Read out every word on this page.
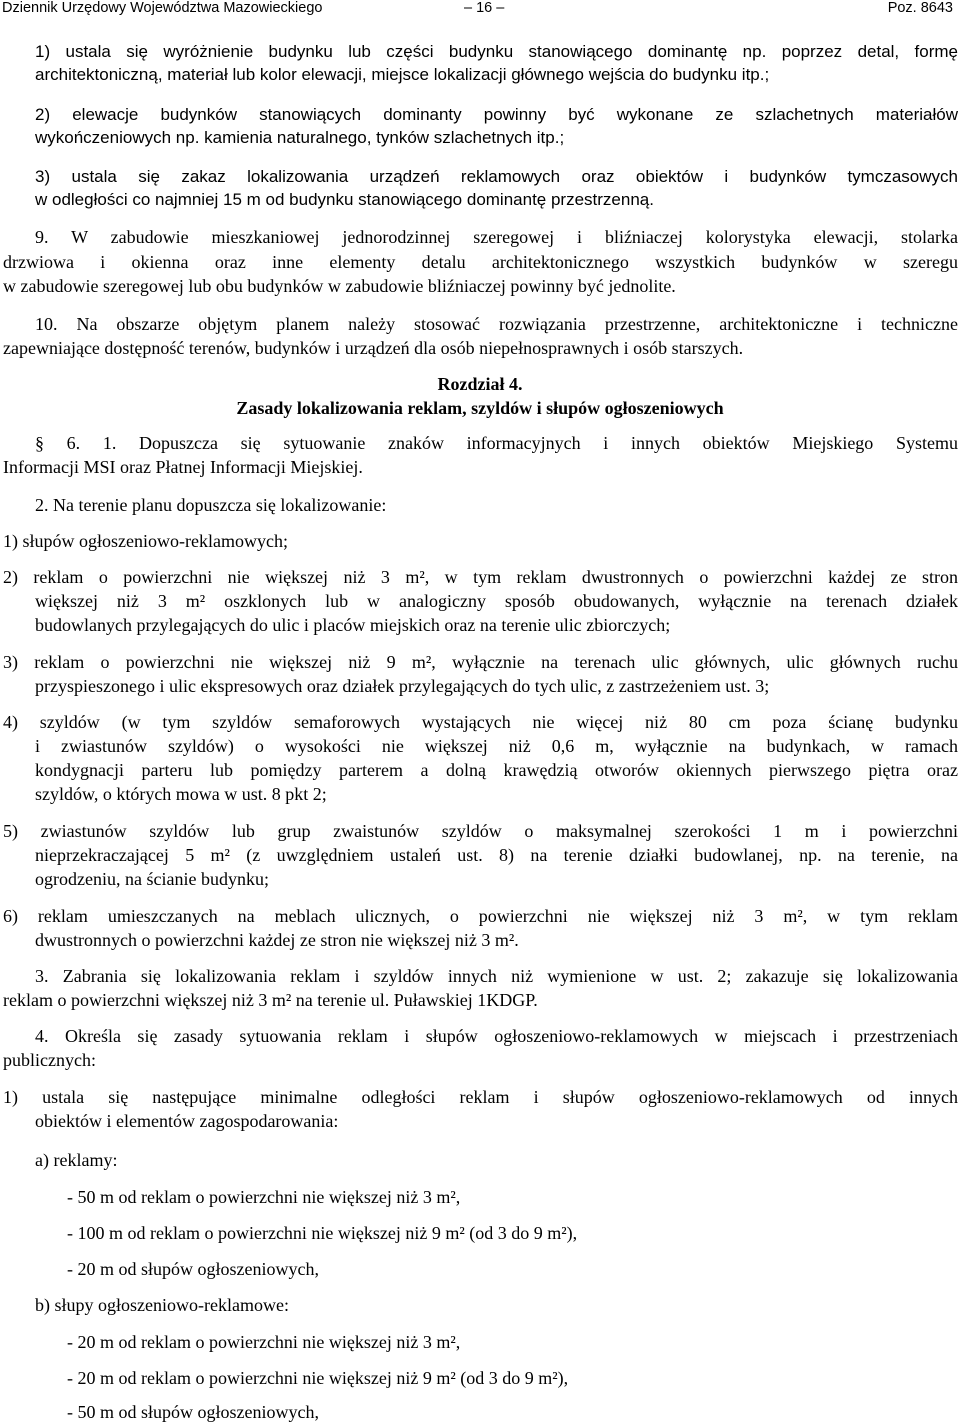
Dziennik Urzędowy Województwa Mazowieckiego	– 16 –	Poz. 8643
1) ustala się wyróżnienie budynku lub części budynku stanowiącego dominantę np. poprzez detal, formę
architektoniczną, materiał lub kolor elewacji, miejsce lokalizacji głównego wejścia do budynku itp.;
2) elewacje budynków stanowiących dominanty powinny być wykonane ze szlachetnych materiałów
wykończeniowych np. kamienia naturalnego, tynków szlachetnych itp.;
3) ustala się zakaz lokalizowania urządzeń reklamowych oraz obiektów i budynków tymczasowych
w odległości co najmniej 15 m od budynku stanowiącego dominantę przestrzenną.
9. W zabudowie mieszkaniowej jednorodzinnej szeregowej i bliźniaczej kolorystyka elewacji, stolarka
drzwiowa i okienna oraz inne elementy detalu architektonicznego wszystkich budynków w szeregu
w zabudowie szeregowej lub obu budynków w zabudowie bliźniaczej powinny być jednolite.
10. Na obszarze objętym planem należy stosować rozwiązania przestrzenne, architektoniczne i techniczne
zapewniające dostępność terenów, budynków i urządzeń dla osób niepełnosprawnych i osób starszych.
Rozdział 4.
Zasady lokalizowania reklam, szyldów i słupów ogłoszeniowych
§ 6. 1. Dopuszcza się sytuowanie znaków informacyjnych i innych obiektów Miejskiego Systemu
Informacji MSI oraz Płatnej Informacji Miejskiej.
2. Na terenie planu dopuszcza się lokalizowanie:
1) słupów ogłoszeniowo-reklamowych;
2) reklam o powierzchni nie większej niż 3 m², w tym reklam dwustronnych o powierzchni każdej ze stron
większej niż 3 m² oszklonych lub w analogiczny sposób obudowanych, wyłącznie na terenach działek
budowlanych przylegających do ulic i placów miejskich oraz na terenie ulic zbiorczych;
3) reklam o powierzchni nie większej niż 9 m², wyłącznie na terenach ulic głównych, ulic głównych ruchu
przyspieszonego i ulic ekspresowych oraz działek przylegających do tych ulic, z zastrzeżeniem ust. 3;
4) szyldów (w tym szyldów semaforowych wystających nie więcej niż 80 cm poza ścianę budynku
i zwiastunów szyldów) o wysokości nie większej niż 0,6 m, wyłącznie na budynkach, w ramach
kondygnacji parteru lub pomiędzy parterem a dolną krawędzią otworów okiennych pierwszego piętra oraz
szyldów, o których mowa w ust. 8 pkt 2;
5) zwiastunów szyldów lub grup zwaistunów szyldów o maksymalnej szerokości 1 m i powierzchni
nieprzekraczającej 5 m² (z uwzględniem ustaleń ust. 8) na terenie działki budowlanej, np. na terenie, na
ogrodzeniu, na ścianie budynku;
6) reklam umieszczanych na meblach ulicznych, o powierzchni nie większej niż 3 m², w tym reklam
dwustronnych o powierzchni każdej ze stron nie większej niż 3 m².
3. Zabrania się lokalizowania reklam i szyldów innych niż wymienione w ust. 2; zakazuje się lokalizowania
reklam o powierzchni większej niż 3 m² na terenie ul. Puławskiej 1KDGP.
4. Określa się zasady sytuowania reklam i słupów ogłoszeniowo-reklamowych w miejscach i przestrzeniach
publicznych:
1) ustala się następujące minimalne odległości reklam i słupów ogłoszeniowo-reklamowych od innych
obiektów i elementów zagospodarowania:
a) reklamy:
- 50 m od reklam o powierzchni nie większej niż 3 m²,
- 100 m od reklam o powierzchni nie większej niż 9 m² (od 3 do 9 m²),
- 20 m od słupów ogłoszeniowych,
b) słupy ogłoszeniowo-reklamowe:
- 20 m od reklam o powierzchni nie większej niż 3 m²,
- 20 m od reklam o powierzchni nie większej niż 9 m² (od 3 do 9 m²),
- 50 m od słupów ogłoszeniowych,
